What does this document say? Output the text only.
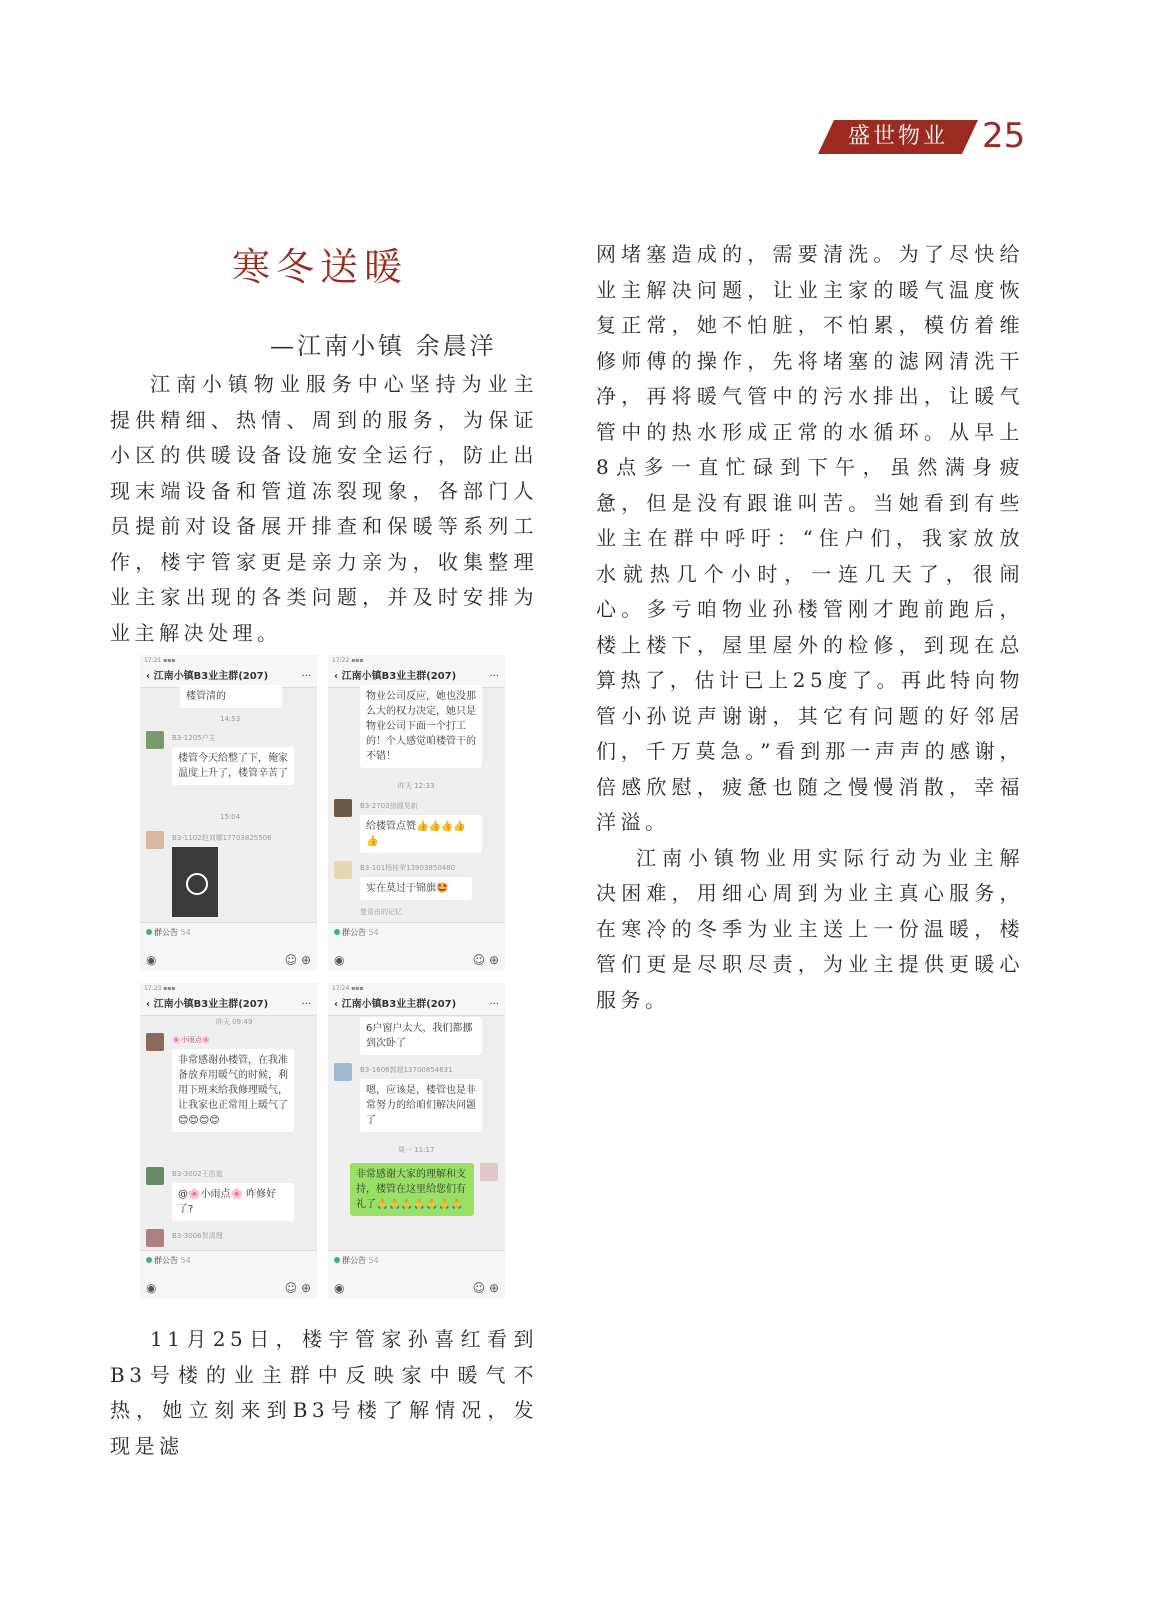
盛世物业 25
寒冬送暖
—江南小镇 余晨洋

江南小镇物业服务中心坚持为业主提供精细、热情、周到的服务，为保证小区的供暖设备设施安全运行，防止出现末端设备和管道冻裂现象，各部门人员提前对设备展开排查和保暖等系列工作，楼宇管家更是亲力亲为，收集整理业主家出现的各类问题，并及时安排为业主解决处理。

17:21 ▪▪▪
‹ 江南小镇B3业主群(207)	···
楼管清的
14:53
B3-1205户主
楼管今天给整了下，俺家温度上升了，楼管辛苦了
15:04
B3-1102赵刘娜17703825506
群公告 54
◉	☺ ⊕
17:22 ▪▪▪
‹ 江南小镇B3业主群(207)	···
物业公司反应，她也没那么大的权力决定，她只是物业公司下面一个打工的！个人感觉咱楼管干的不错！
昨天 12:33
B3-2703徐圆昊新
给楼管点赞👍👍👍👍👍
B3-101杨桂荣13903850480
实在莫过于锦旗🤩
楚语由的记忆
群公告 54
◉	☺ ⊕
17:23 ▪▪▪
‹ 江南小镇B3业主群(207)	···
昨天 09:49
🌸小雨点🌸
非常感谢孙楼管，在我准备放弃用暖气的时候，利用下班来给我修理暖气，让我家也正常用上暖气了😊😊😊😊
B3-3002王浩道
@🌸小雨点🌸 咋修好了?
B3-3006贺清理
群公告 54
◉	☺ ⊕
17:24 ▪▪▪
‹ 江南小镇B3业主群(207)	···
6户窗户太大，我们都挪到次卧了
B3-1606郭超13700854631
嗯，应该是，楼管也是非常努力的给咱们解决问题了
周一 11:17
非常感谢大家的理解和支持，楼管在这里给您们有礼了🙏🙏🙏🙏🙏🙏🙏
群公告 54
◉	☺ ⊕

11月25日，楼宇管家孙喜红看到B3号楼的业主群中反映家中暖气不热，她立刻来到B3号楼了解情况，发现是滤

网堵塞造成的，需要清洗。为了尽快给业主解决问题，让业主家的暖气温度恢复正常，她不怕脏，不怕累，模仿着维修师傅的操作，先将堵塞的滤网清洗干净，再将暖气管中的污水排出，让暖气管中的热水形成正常的水循环。从早上8点多一直忙碌到下午，虽然满身疲惫，但是没有跟谁叫苦。当她看到有些业主在群中呼吁：“住户们，我家放放水就热几个小时，一连几天了，很闹心。多亏咱物业孙楼管刚才跑前跑后，楼上楼下，屋里屋外的检修，到现在总算热了，估计已上25度了。再此特向物管小孙说声谢谢，其它有问题的好邻居们，千万莫急。”看到那一声声的感谢，倍感欣慰，疲惫也随之慢慢消散，幸福洋溢。

江南小镇物业用实际行动为业主解决困难，用细心周到为业主真心服务，在寒冷的冬季为业主送上一份温暖，楼管们更是尽职尽责，为业主提供更暖心服务。
